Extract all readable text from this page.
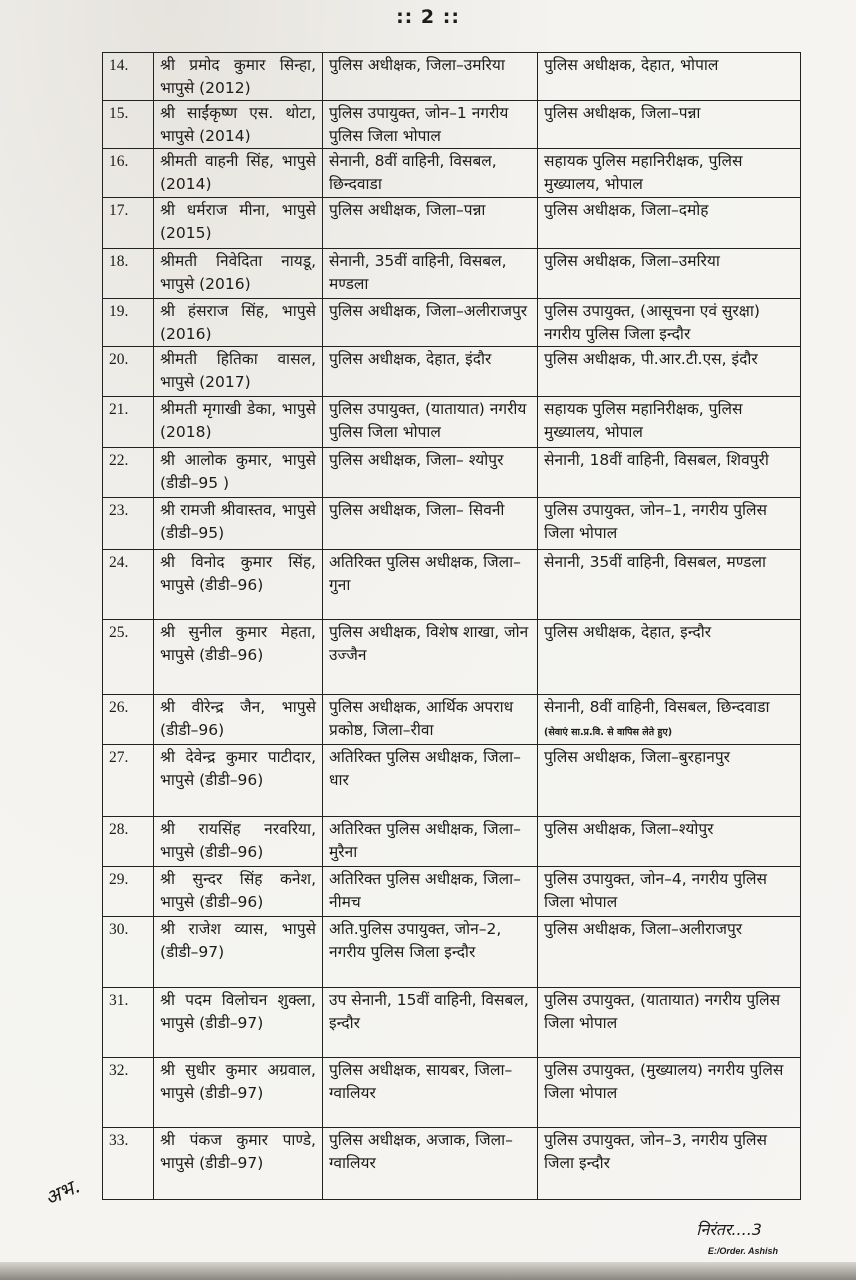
:: 2 ::
14.	श्री प्रमोद कुमार सिन्हा, भापुसे (2012)	पुलिस अधीक्षक, जिला–उमरिया	पुलिस अधीक्षक, देहात, भोपाल
15.	श्री साईंकृष्ण एस. थोटा, भापुसे (2014)	पुलिस उपायुक्त, जोन–1 नगरीय पुलिस जिला भोपाल	पुलिस अधीक्षक, जिला–पन्ना
16.	श्रीमती वाहनी सिंह, भापुसे (2014)	सेनानी, 8वीं वाहिनी, विसबल, छिन्दवाडा	सहायक पुलिस महानिरीक्षक, पुलिस मुख्यालय, भोपाल
17.	श्री धर्मराज मीना, भापुसे (2015)	पुलिस अधीक्षक, जिला–पन्ना	पुलिस अधीक्षक, जिला–दमोह
18.	श्रीमती निवेदिता नायडू, भापुसे (2016)	सेनानी, 35वीं वाहिनी, विसबल, मण्डला	पुलिस अधीक्षक, जिला–उमरिया
19.	श्री हंसराज सिंह, भापुसे (2016)	पुलिस अधीक्षक, जिला–अलीराजपुर	पुलिस उपायुक्त, (आसूचना एवं सुरक्षा) नगरीय पुलिस जिला इन्दौर
20.	श्रीमती हितिका वासल, भापुसे (2017)	पुलिस अधीक्षक, देहात, इंदौर	पुलिस अधीक्षक, पी.आर.टी.एस, इंदौर
21.	श्रीमती मृगाखी डेका, भापुसे (2018)	पुलिस उपायुक्त, (यातायात) नगरीय पुलिस जिला भोपाल	सहायक पुलिस महानिरीक्षक, पुलिस मुख्यालय, भोपाल
22.	श्री आलोक कुमार, भापुसे (डीडी–95 )	पुलिस अधीक्षक, जिला– श्योपुर	सेनानी, 18वीं वाहिनी, विसबल, शिवपुरी
23.	श्री रामजी श्रीवास्तव, भापुसे (डीडी–95)	पुलिस अधीक्षक, जिला– सिवनी	पुलिस उपायुक्त, जोन–1, नगरीय पुलिस जिला भोपाल
24.	श्री विनोद कुमार सिंह, भापुसे (डीडी–96)	अतिरिक्त पुलिस अधीक्षक, जिला– गुना	सेनानी, 35वीं वाहिनी, विसबल, मण्डला
25.	श्री सुनील कुमार मेहता, भापुसे (डीडी–96)	पुलिस अधीक्षक, विशेष शाखा, जोन उज्जैन	पुलिस अधीक्षक, देहात, इन्दौर
26.	श्री वीरेन्द्र जैन, भापुसे (डीडी–96)	पुलिस अधीक्षक, आर्थिक अपराध प्रकोष्ठ, जिला–रीवा	सेनानी, 8वीं वाहिनी, विसबल, छिन्दवाडा (सेवाएं सा.प्र.वि. से वापिस लेते हुए)
27.	श्री देवेन्द्र कुमार पाटीदार, भापुसे (डीडी–96)	अतिरिक्त पुलिस अधीक्षक, जिला– धार	पुलिस अधीक्षक, जिला–बुरहानपुर
28.	श्री रायसिंह नरवरिया, भापुसे (डीडी–96)	अतिरिक्त पुलिस अधीक्षक, जिला– मुरैना	पुलिस अधीक्षक, जिला–श्योपुर
29.	श्री सुन्दर सिंह कनेश, भापुसे (डीडी–96)	अतिरिक्त पुलिस अधीक्षक, जिला– नीमच	पुलिस उपायुक्त, जोन–4, नगरीय पुलिस जिला भोपाल
30.	श्री राजेश व्यास, भापुसे (डीडी–97)	अति.पुलिस उपायुक्त, जोन–2, नगरीय पुलिस जिला इन्दौर	पुलिस अधीक्षक, जिला–अलीराजपुर
31.	श्री पदम विलोचन शुक्ला, भापुसे (डीडी–97)	उप सेनानी, 15वीं वाहिनी, विसबल, इन्दौर	पुलिस उपायुक्त, (यातायात) नगरीय पुलिस जिला भोपाल
32.	श्री सुधीर कुमार अग्रवाल, भापुसे (डीडी–97)	पुलिस अधीक्षक, सायबर, जिला–ग्वालियर	पुलिस उपायुक्त, (मुख्यालय) नगरीय पुलिस जिला भोपाल
33.	श्री पंकज कुमार पाण्डे, भापुसे (डीडी–97)	पुलिस अधीक्षक, अजाक, जिला–ग्वालियर	पुलिस उपायुक्त, जोन–3, नगरीय पुलिस जिला इन्दौर
अभ.
निरंतर....3
E:/Order. Ashish
